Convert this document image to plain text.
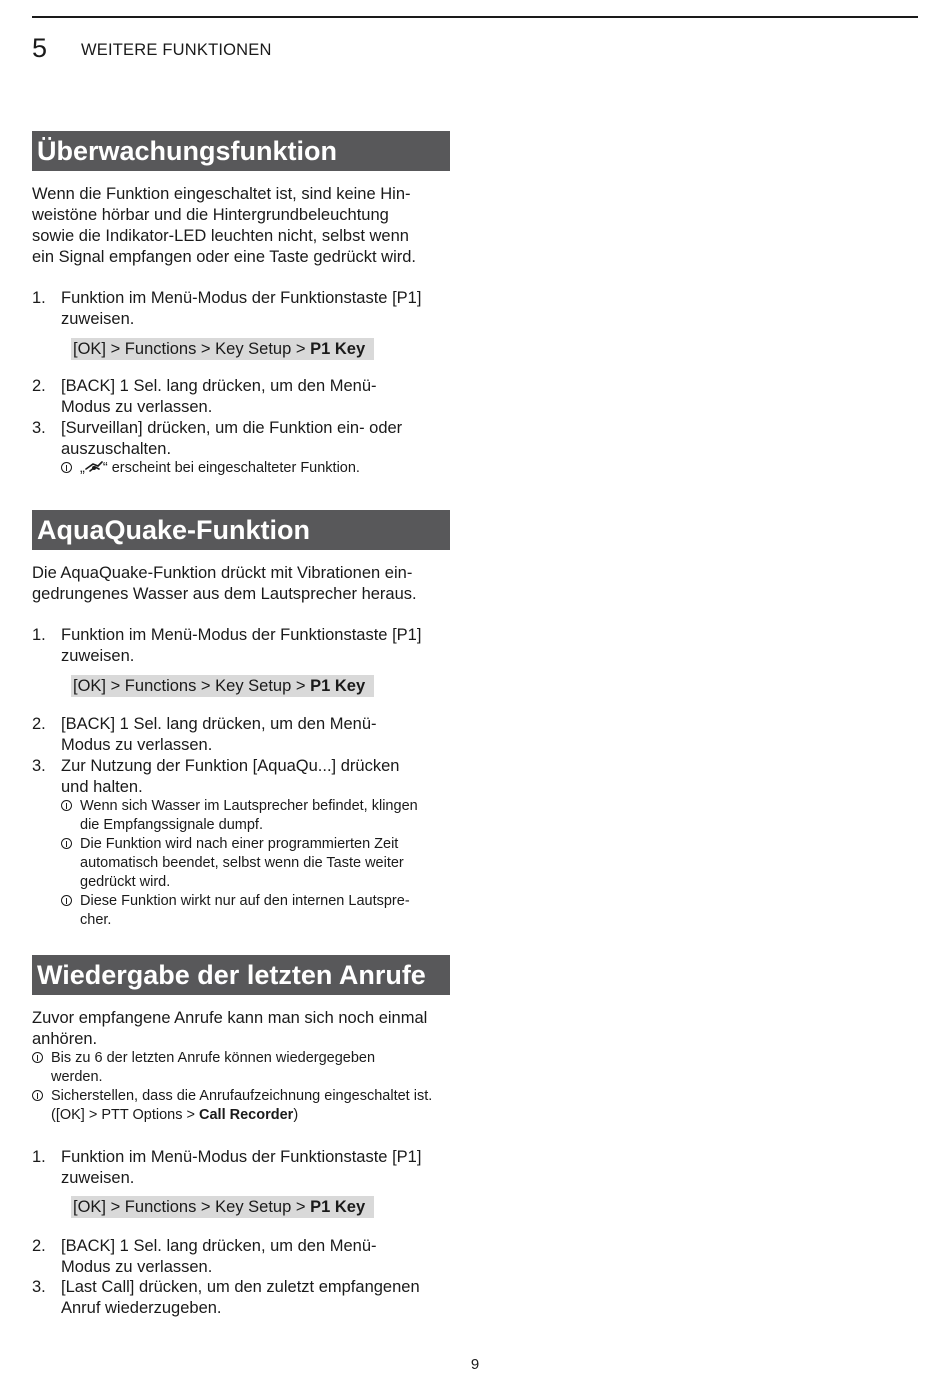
5 WEITERE FUNKTIONEN
Überwachungsfunktion

Wenn die Funktion eingeschaltet ist, sind keine Hin-

weistöne hörbar und die Hintergrundbeleuchtung

sowie die Indikator-LED leuchten nicht, selbst wenn

ein Signal empfangen oder eine Taste gedrückt wird.

1. Funktion im Menü-Modus der Funktionstaste [P1]
zuweisen.
[OK] > Functions > Key Setup > P1 Key
2. [BACK] 1 Sel. lang drücken, um den Menü-
Modus zu verlassen.
3. [Surveillan] drücken, um die Funktion ein- oder
auszuschalten.
„ “ erscheint bei eingeschalteter Funktion.
AquaQuake-Funktion

Die AquaQuake-Funktion drückt mit Vibrationen ein-

gedrungenes Wasser aus dem Lautsprecher heraus.

1. Funktion im Menü-Modus der Funktionstaste [P1]
zuweisen.
[OK] > Functions > Key Setup > P1 Key
2. [BACK] 1 Sel. lang drücken, um den Menü-
Modus zu verlassen.
3. Zur Nutzung der Funktion [AquaQu...] drücken
und halten.
Wenn sich Wasser im Lautsprecher befindet, klingen
die Empfangssignale dumpf.
Die Funktion wird nach einer programmierten Zeit
automatisch beendet, selbst wenn die Taste weiter
gedrückt wird.
Diese Funktion wirkt nur auf den internen Lautspre-
cher.
Wiedergabe der letzten Anrufe

Zuvor empfangene Anrufe kann man sich noch einmal

anhören.

Bis zu 6 der letzten Anrufe können wiedergegeben
werden.
Sicherstellen, dass die Anrufaufzeichnung eingeschaltet ist.
([OK] > PTT Options > Call Recorder)
1. Funktion im Menü-Modus der Funktionstaste [P1]
zuweisen.
[OK] > Functions > Key Setup > P1 Key
2. [BACK] 1 Sel. lang drücken, um den Menü-
Modus zu verlassen.
3. [Last Call] drücken, um den zuletzt empfangenen
Anruf wiederzugeben.
9
